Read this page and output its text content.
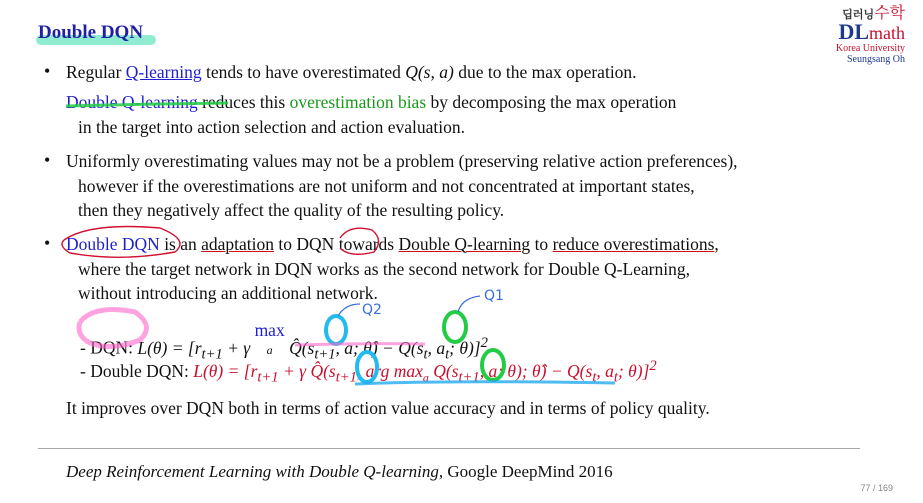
Double DQN
딥러닝수학
DLmath
Korea University
Seungsang Oh
• Regular Q-learning tends to have overestimated Q(s, a) due to the max operation.
Double Q-learning reduces this overestimation bias by decomposing the max operation
in the target into action selection and action evaluation.
• Uniformly overestimating values may not be a problem (preserving relative action preferences),
however if the overestimations are not uniform and not concentrated at important states,
then they negatively affect the quality of the resulting policy.
• Double DQN is an adaptation to DQN towards Double Q-learning to reduce overestimations,
where the target network in DQN works as the second network for Double Q-Learning,
without introducing an additional network.
- DQN: $L(\theta) = [r_{t+1} + \gamma$ max
a $Q̂(s_{t+1}$, a; θ̂) − $Q(s_t$, $a_t$; θ)]$^2$
- Double DQN: $L(\theta) = [r_{t+1} + \gamma$ $Q̂(s_{t+1}$, arg $\max_a Q(s_{t+1}$, a; θ); θ̂) − $Q(s_t$, $a_t$; θ)]$^2$
It improves over DQN both in terms of action value accuracy and in terms of policy quality.
Deep Reinforcement Learning with Double Q-learning, Google DeepMind 2016
77 / 169
Q2
Q1
